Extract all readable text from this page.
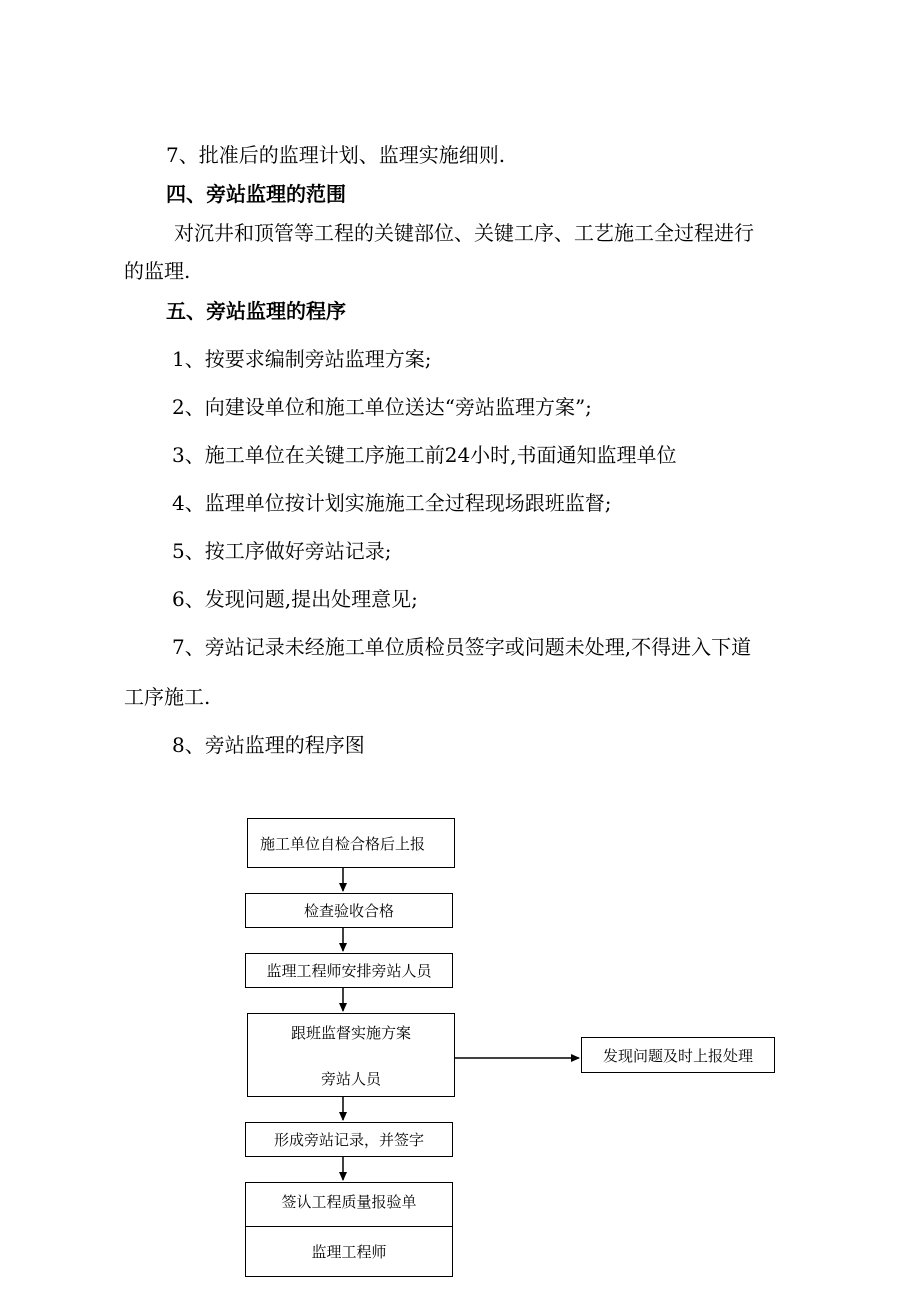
7、批准后的监理计划、监理实施细则.
四、旁站监理的范围
对沉井和顶管等工程的关键部位、关键工序、工艺施工全过程进行
的监理.
五、旁站监理的程序
1、按要求编制旁站监理方案;
2、向建设单位和施工单位送达“旁站监理方案”;
3、施工单位在关键工序施工前24小时,书面通知监理单位
4、监理单位按计划实施施工全过程现场跟班监督;
5、按工序做好旁站记录;
6、发现问题,提出处理意见;
7、旁站记录未经施工单位质检员签字或问题未处理,不得进入下道
工序施工.
8、旁站监理的程序图
施工单位自检合格后上报
检查验收合格
监理工程师安排旁站人员
跟班监督实施方案
旁站人员
发现问题及时上报处理
形成旁站记录，并签字
签认工程质量报验单
监理工程师
